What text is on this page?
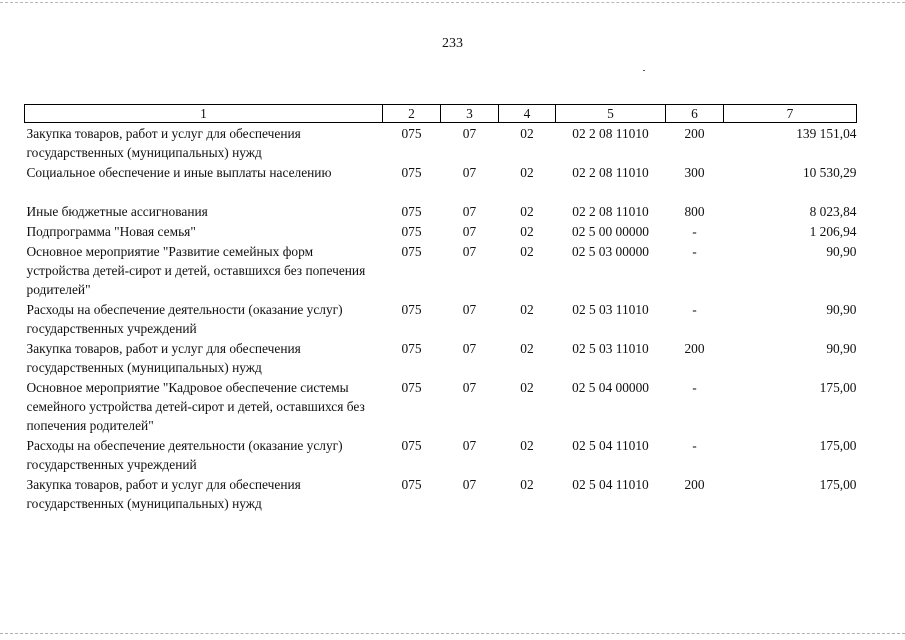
233
1	2	3	4	5	6	7
Закупка товаров, работ и услуг для обеспечения государственных (муниципальных) нужд	075	07	02	02 2 08 11010	200	139 151,04
Социальное обеспечение и иные выплаты населению	075	07	02	02 2 08 11010	300	10 530,29
Иные бюджетные ассигнования	075	07	02	02 2 08 11010	800	8 023,84
Подпрограмма "Новая семья"	075	07	02	02 5 00 00000	-	1 206,94
Основное мероприятие "Развитие семейных форм устройства детей-сирот и детей, оставшихся без попечения родителей"	075	07	02	02 5 03 00000	-	90,90
Расходы на обеспечение деятельности (оказание услуг) государственных учреждений	075	07	02	02 5 03 11010	-	90,90
Закупка товаров, работ и услуг для обеспечения государственных (муниципальных) нужд	075	07	02	02 5 03 11010	200	90,90
Основное мероприятие "Кадровое обеспечение системы семейного устройства детей-сирот и детей, оставшихся без попечения родителей"	075	07	02	02 5 04 00000	-	175,00
Расходы на обеспечение деятельности (оказание услуг) государственных учреждений	075	07	02	02 5 04 11010	-	175,00
Закупка товаров, работ и услуг для обеспечения государственных (муниципальных) нужд	075	07	02	02 5 04 11010	200	175,00
